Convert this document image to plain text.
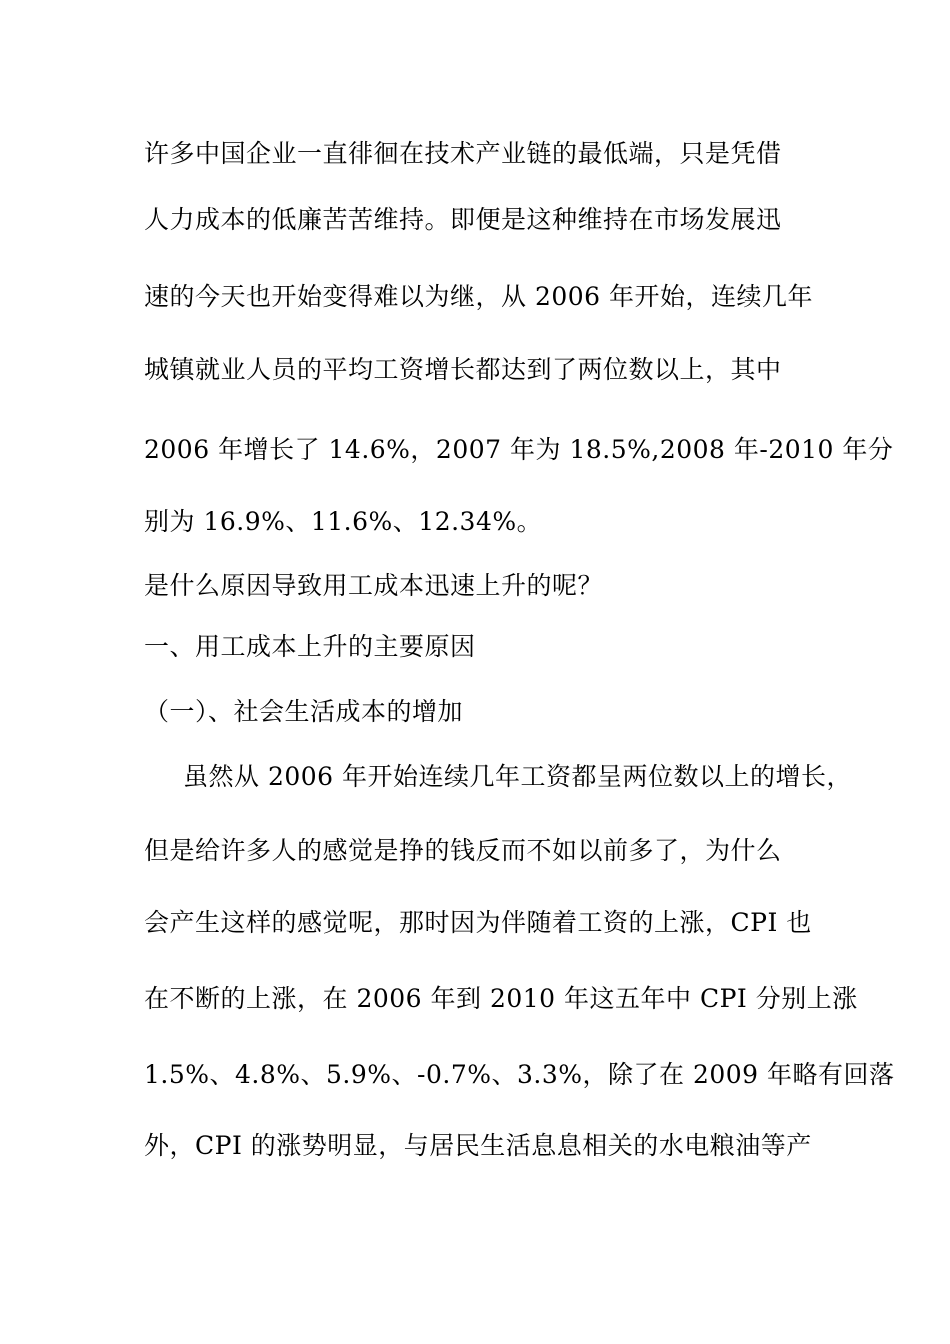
许多中国企业一直徘徊在技术产业链的最低端，只是凭借
人力成本的低廉苦苦维持。即便是这种维持在市场发展迅
速的今天也开始变得难以为继，从 2006 年开始，连续几年
城镇就业人员的平均工资增长都达到了两位数以上，其中
2006 年增长了 14.6%，2007 年为 18.5%,2008 年-2010 年分
别为 16.9%、11.6%、12.34%。
是什么原因导致用工成本迅速上升的呢？
一、用工成本上升的主要原因
（一）、社会生活成本的增加
虽然从 2006 年开始连续几年工资都呈两位数以上的增长，
但是给许多人的感觉是挣的钱反而不如以前多了，为什么
会产生这样的感觉呢，那时因为伴随着工资的上涨，CPI 也
在不断的上涨，在 2006 年到 2010 年这五年中 CPI 分别上涨
1.5%、4.8%、5.9%、-0.7%、3.3%，除了在 2009 年略有回落
外，CPI 的涨势明显，与居民生活息息相关的水电粮油等产
